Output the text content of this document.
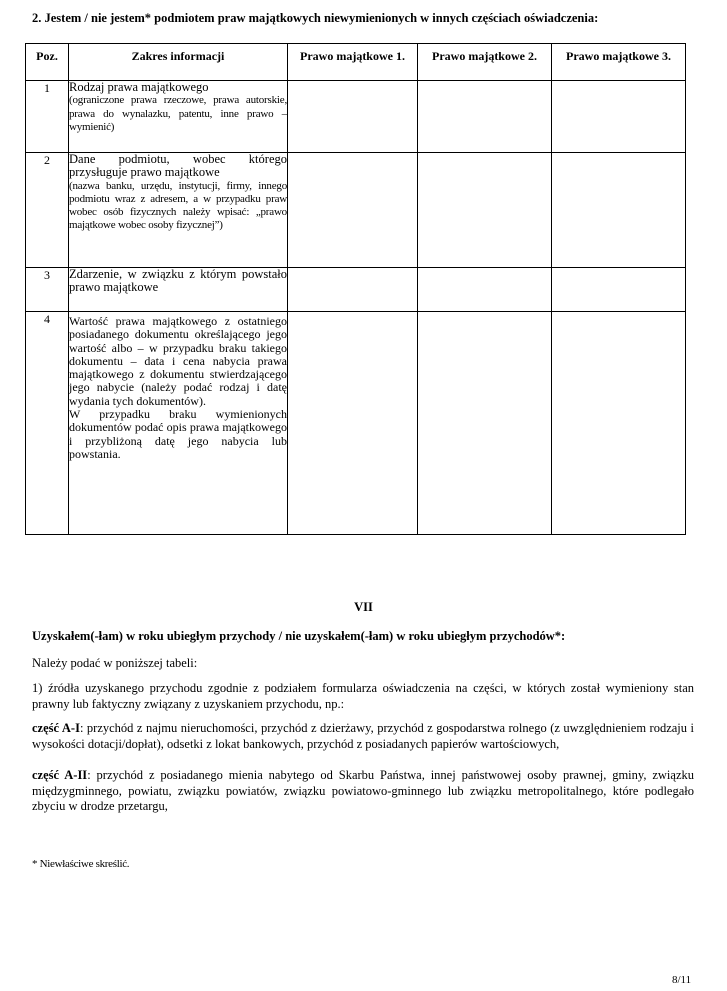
2. Jestem / nie jestem* podmiotem praw majątkowych niewymienionych w innych częściach oświadczenia:
Poz.	Zakres informacji	Prawo majątkowe 1.	Prawo majątkowe 2.	Prawo majątkowe 3.
1	Rodzaj prawa majątkowego
(ograniczone prawa rzeczowe, prawa autorskie, prawa do wynalazku, patentu, inne prawo – wymienić)			

2	Dane podmiotu, wobec którego przysługuje prawo majątkowe
(nazwa banku, urzędu, instytucji, firmy, innego podmiotu wraz z adresem, a w przypadku praw wobec osób fizycznych należy wpisać: „prawo majątkowe wobec osoby fizycznej”)			

3	Zdarzenie, w związku z którym powstało prawo majątkowe			

4	Wartość prawa majątkowego z ostatniego posiadanego dokumentu określającego jego wartość albo – w przypadku braku takiego dokumentu – data i cena nabycia prawa majątkowego z dokumentu stwierdzającego jego nabycie (należy podać rodzaj i datę wydania tych dokumentów).
W przypadku braku wymienionych dokumentów podać opis prawa majątkowego i przybliżoną datę jego nabycia lub powstania.			

VII
Uzyskałem(-łam) w roku ubiegłym przychody / nie uzyskałem(-łam) w roku ubiegłym przychodów*:
Należy podać w poniższej tabeli:
1) źródła uzyskanego przychodu zgodnie z podziałem formularza oświadczenia na części, w których został wymieniony stan prawny lub faktyczny związany z uzyskaniem przychodu, np.:
część A-I: przychód z najmu nieruchomości, przychód z dzierżawy, przychód z gospodarstwa rolnego (z uwzględnieniem rodzaju i wysokości dotacji/dopłat), odsetki z lokat bankowych, przychód z posiadanych papierów wartościowych,
część A-II: przychód z posiadanego mienia nabytego od Skarbu Państwa, innej państwowej osoby prawnej, gminy, związku międzygminnego, powiatu, związku powiatów, związku powiatowo-gminnego lub związku metropolitalnego, które podlegało zbyciu w drodze przetargu,
* Niewłaściwe skreślić.
8/11
